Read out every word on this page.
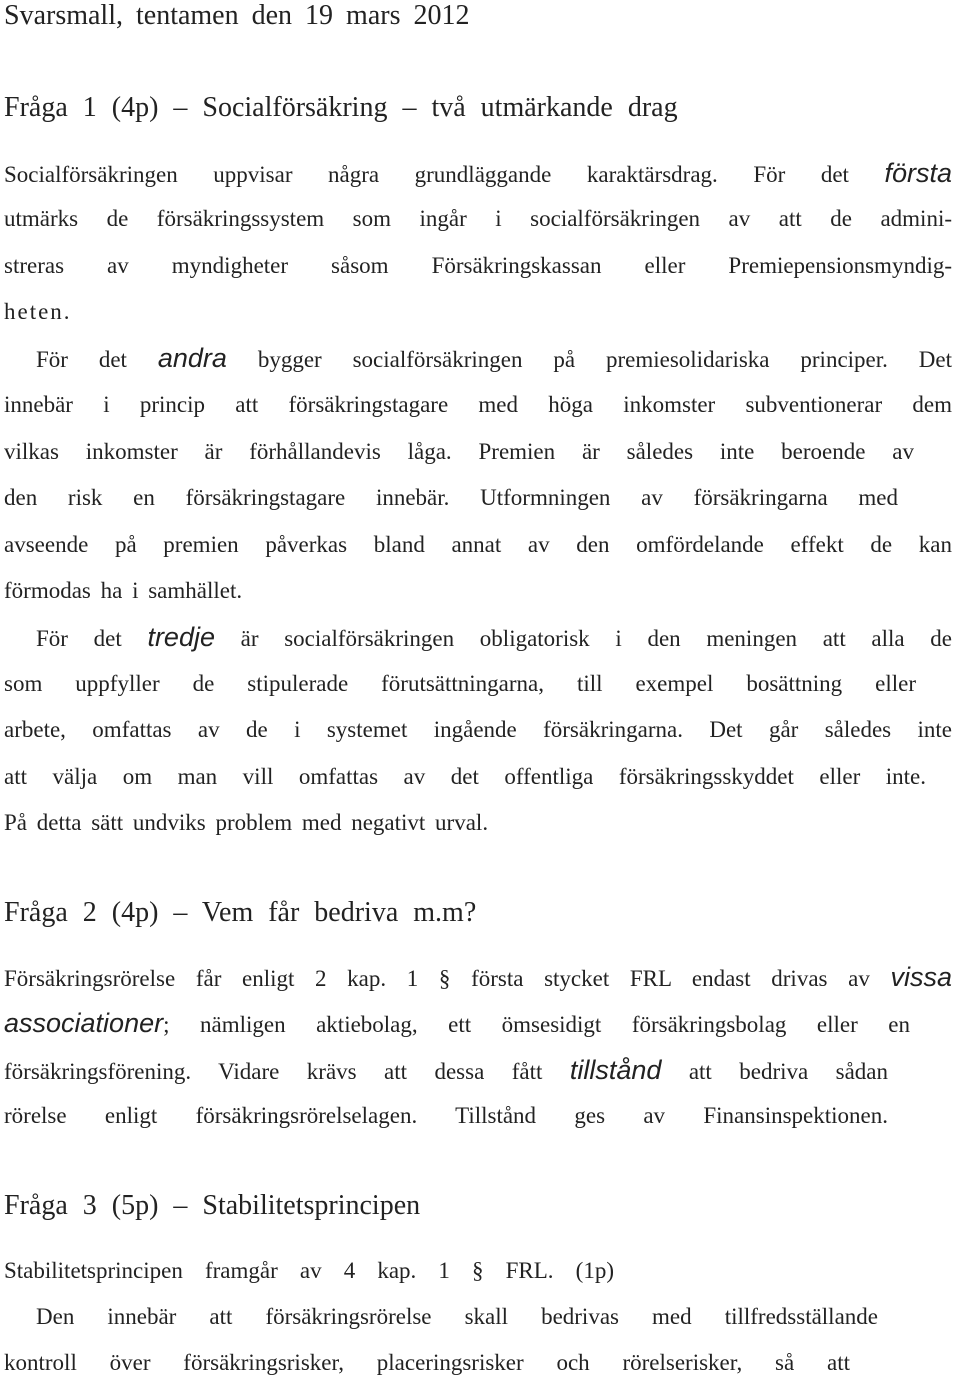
Svarsmall, tentamen den 19 mars 2012
Fråga 1 (4p) – Socialförsäkring – två utmärkande drag
Socialförsäkringen uppvisar några grundläggande karaktärsdrag. För det första
utmärks de försäkringssystem som ingår i socialförsäkringen av att de admini-
streras av myndigheter såsom Försäkringskassan eller Premiepensionsmyndig-
heten.
För det andra bygger socialförsäkringen på premiesolidariska principer. Det
innebär i princip att försäkringstagare med höga inkomster subventionerar dem
vilkas inkomster är förhållandevis låga. Premien är således inte beroende av
den risk en försäkringstagare innebär. Utformningen av försäkringarna med
avseende på premien påverkas bland annat av den omfördelande effekt de kan
förmodas ha i samhället.
För det tredje är socialförsäkringen obligatorisk i den meningen att alla de
som uppfyller de stipulerade förutsättningarna, till exempel bosättning eller
arbete, omfattas av de i systemet ingående försäkringarna. Det går således inte
att välja om man vill omfattas av det offentliga försäkringsskyddet eller inte.
På detta sätt undviks problem med negativt urval.
Fråga 2 (4p) – Vem får bedriva m.m?
Försäkringsrörelse får enligt 2 kap. 1 § första stycket FRL endast drivas av vissa
associationer; nämligen aktiebolag, ett ömsesidigt försäkringsbolag eller en
försäkringsförening. Vidare krävs att dessa fått tillstånd att bedriva sådan
rörelse enligt försäkringsrörelselagen. Tillstånd ges av Finansinspektionen.
Fråga 3 (5p) – Stabilitetsprincipen
Stabilitetsprincipen framgår av 4 kap. 1 § FRL. (1p)
Den innebär att försäkringsrörelse skall bedrivas med tillfredsställande
kontroll över försäkringsrisker, placeringsrisker och rörelserisker, så att
